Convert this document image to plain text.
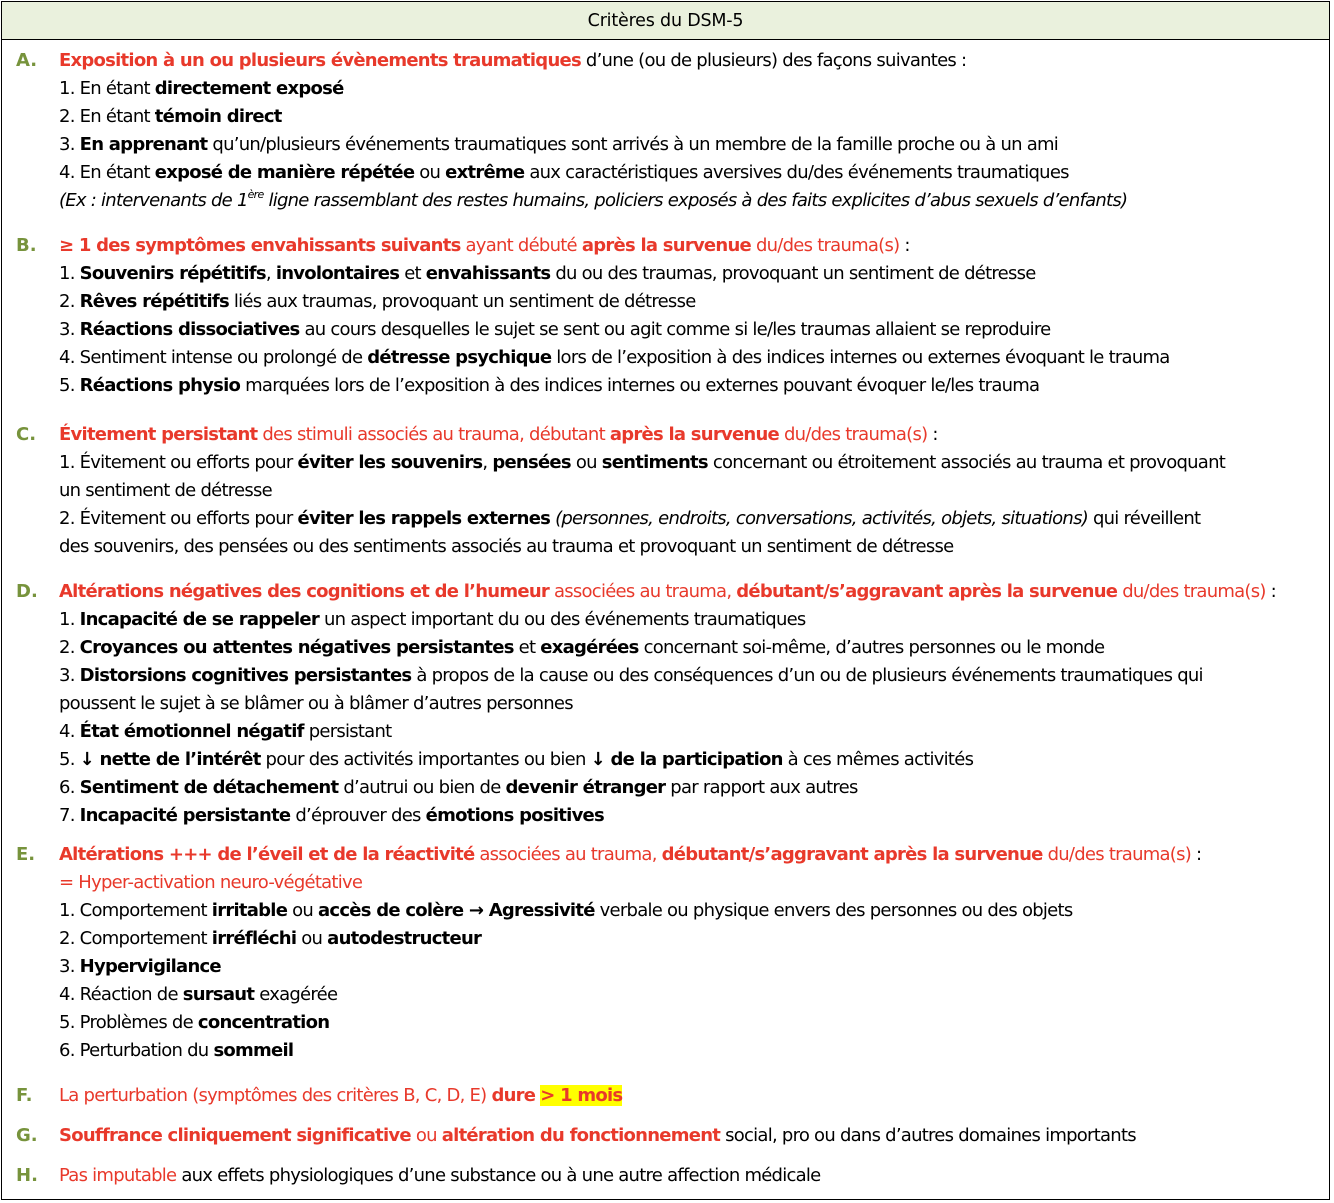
Critères du DSM-5
A.	Exposition à un ou plusieurs évènements traumatiques d’une (ou de plusieurs) des façons suivantes :
1. En étant directement exposé
2. En étant témoin direct
3. En apprenant qu’un/plusieurs événements traumatiques sont arrivés à un membre de la famille proche ou à un ami
4. En étant exposé de manière répétée ou extrême aux caractéristiques aversives du/des événements traumatiques
(Ex : intervenants de 1ère ligne rassemblant des restes humains, policiers exposés à des faits explicites d’abus sexuels d’enfants)
B.	≥ 1 des symptômes envahissants suivants ayant débuté après la survenue du/des trauma(s) :
1. Souvenirs répétitifs, involontaires et envahissants du ou des traumas, provoquant un sentiment de détresse
2. Rêves répétitifs liés aux traumas, provoquant un sentiment de détresse
3. Réactions dissociatives au cours desquelles le sujet se sent ou agit comme si le/les traumas allaient se reproduire
4. Sentiment intense ou prolongé de détresse psychique lors de l’exposition à des indices internes ou externes évoquant le trauma
5. Réactions physio marquées lors de l’exposition à des indices internes ou externes pouvant évoquer le/les trauma
C.	Évitement persistant des stimuli associés au trauma, débutant après la survenue du/des trauma(s) :
1. Évitement ou efforts pour éviter les souvenirs, pensées ou sentiments concernant ou étroitement associés au trauma et provoquant
un sentiment de détresse
2. Évitement ou efforts pour éviter les rappels externes (personnes, endroits, conversations, activités, objets, situations) qui réveillent
des souvenirs, des pensées ou des sentiments associés au trauma et provoquant un sentiment de détresse
D.	Altérations négatives des cognitions et de l’humeur associées au trauma, débutant/s’aggravant après la survenue du/des trauma(s) :
1. Incapacité de se rappeler un aspect important du ou des événements traumatiques
2. Croyances ou attentes négatives persistantes et exagérées concernant soi-même, d’autres personnes ou le monde
3. Distorsions cognitives persistantes à propos de la cause ou des conséquences d’un ou de plusieurs événements traumatiques qui
poussent le sujet à se blâmer ou à blâmer d’autres personnes
4. État émotionnel négatif persistant
5. ↓ nette de l’intérêt pour des activités importantes ou bien ↓ de la participation à ces mêmes activités
6. Sentiment de détachement d’autrui ou bien de devenir étranger par rapport aux autres
7. Incapacité persistante d’éprouver des émotions positives
E.	Altérations +++ de l’éveil et de la réactivité associées au trauma, débutant/s’aggravant après la survenue du/des trauma(s) :
= Hyper-activation neuro-végétative
1. Comportement irritable ou accès de colère → Agressivité verbale ou physique envers des personnes ou des objets
2. Comportement irréfléchi ou autodestructeur
3. Hypervigilance
4. Réaction de sursaut exagérée
5. Problèmes de concentration
6. Perturbation du sommeil
F.	La perturbation (symptômes des critères B, C, D, E) dure > 1 mois
G.	Souffrance cliniquement significative ou altération du fonctionnement social, pro ou dans d’autres domaines importants
H.	Pas imputable aux effets physiologiques d’une substance ou à une autre affection médicale
